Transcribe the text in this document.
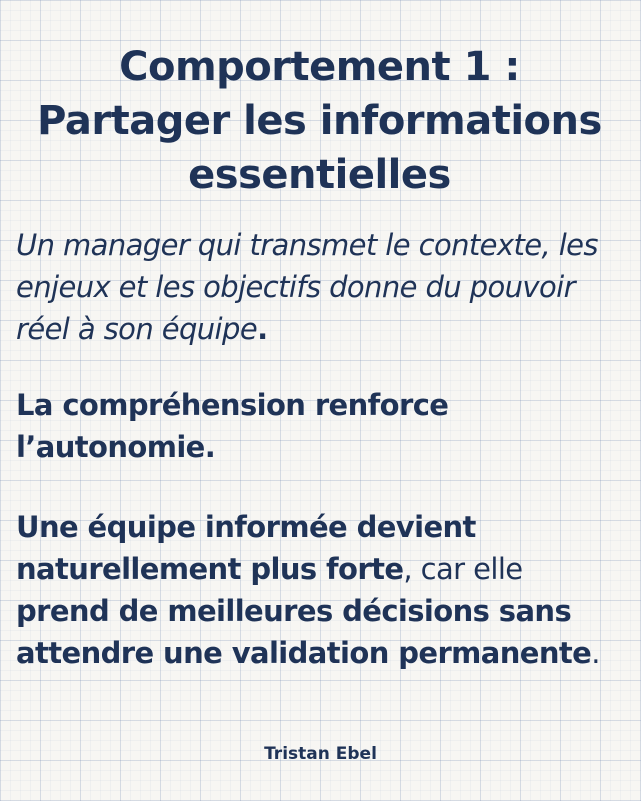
Comportement 1 :
Partager les informations
essentielles

Un manager qui transmet le contexte, les enjeux et les objectifs donne du pouvoir réel à son équipe.

La compréhension renforce
l’autonomie.

Une équipe informée devient naturellement plus forte, car elle prend de meilleures décisions sans attendre une validation permanente.

Tristan Ebel
